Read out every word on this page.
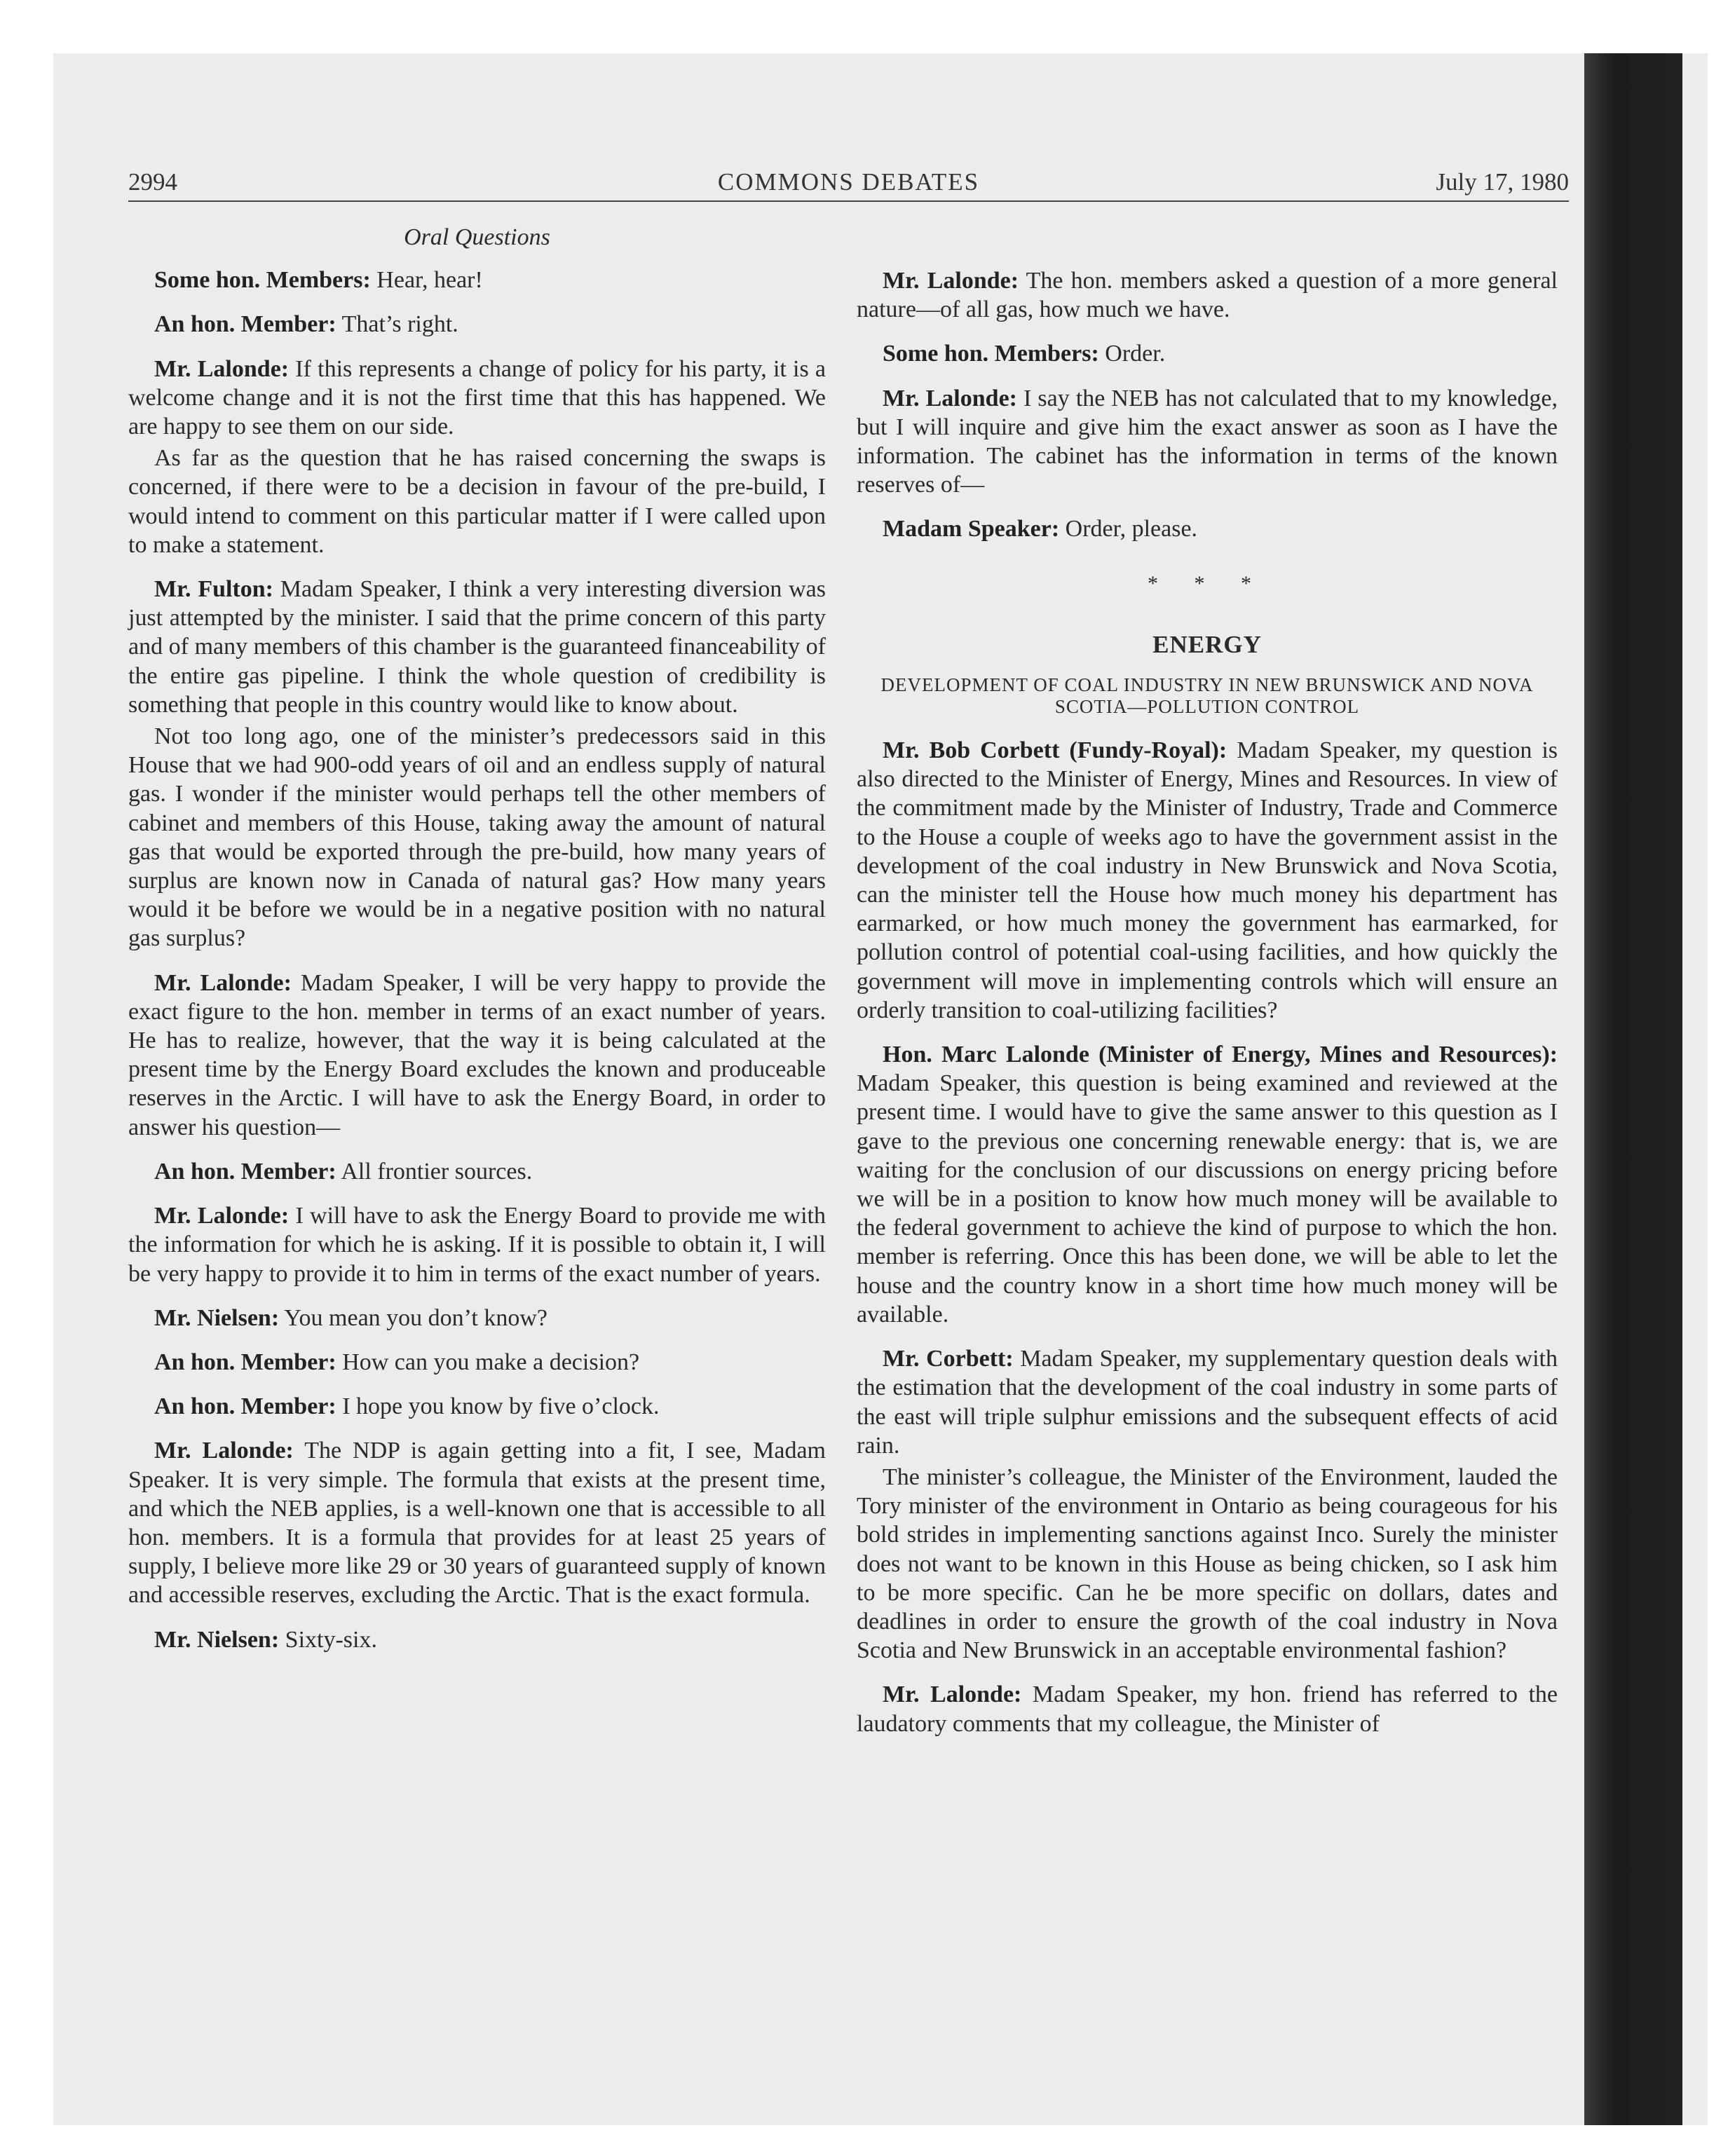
2994	COMMONS DEBATES	July 17, 1980
Oral Questions

Some hon. Members: Hear, hear!

An hon. Member: That’s right.

Mr. Lalonde: If this represents a change of policy for his party, it is a welcome change and it is not the first time that this has happened. We are happy to see them on our side.

As far as the question that he has raised concerning the swaps is concerned, if there were to be a decision in favour of the pre-build, I would intend to comment on this particular matter if I were called upon to make a statement.

Mr. Fulton: Madam Speaker, I think a very interesting diversion was just attempted by the minister. I said that the prime concern of this party and of many members of this chamber is the guaranteed financeability of the entire gas pipeline. I think the whole question of credibility is something that people in this country would like to know about.

Not too long ago, one of the minister’s predecessors said in this House that we had 900-odd years of oil and an endless supply of natural gas. I wonder if the minister would perhaps tell the other members of cabinet and members of this House, taking away the amount of natural gas that would be exported through the pre-build, how many years of surplus are known now in Canada of natural gas? How many years would it be before we would be in a negative position with no natural gas surplus?

Mr. Lalonde: Madam Speaker, I will be very happy to provide the exact figure to the hon. member in terms of an exact number of years. He has to realize, however, that the way it is being calculated at the present time by the Energy Board excludes the known and produceable reserves in the Arctic. I will have to ask the Energy Board, in order to answer his question—

An hon. Member: All frontier sources.

Mr. Lalonde: I will have to ask the Energy Board to provide me with the information for which he is asking. If it is possible to obtain it, I will be very happy to provide it to him in terms of the exact number of years.

Mr. Nielsen: You mean you don’t know?

An hon. Member: How can you make a decision?

An hon. Member: I hope you know by five o’clock.

Mr. Lalonde: The NDP is again getting into a fit, I see, Madam Speaker. It is very simple. The formula that exists at the present time, and which the NEB applies, is a well-known one that is accessible to all hon. members. It is a formula that provides for at least 25 years of supply, I believe more like 29 or 30 years of guaranteed supply of known and accessible reserves, excluding the Arctic. That is the exact formula.

Mr. Nielsen: Sixty-six.

Mr. Lalonde: The hon. members asked a question of a more general nature—of all gas, how much we have.

Some hon. Members: Order.

Mr. Lalonde: I say the NEB has not calculated that to my knowledge, but I will inquire and give him the exact answer as soon as I have the information. The cabinet has the information in terms of the known reserves of—

Madam Speaker: Order, please.

* * *
ENERGY
DEVELOPMENT OF COAL INDUSTRY IN NEW BRUNSWICK AND NOVA SCOTIA—POLLUTION CONTROL

Mr. Bob Corbett (Fundy-Royal): Madam Speaker, my question is also directed to the Minister of Energy, Mines and Resources. In view of the commitment made by the Minister of Industry, Trade and Commerce to the House a couple of weeks ago to have the government assist in the development of the coal industry in New Brunswick and Nova Scotia, can the minister tell the House how much money his department has earmarked, or how much money the government has earmarked, for pollution control of potential coal-using facilities, and how quickly the government will move in implementing controls which will ensure an orderly transition to coal-utilizing facilities?

Hon. Marc Lalonde (Minister of Energy, Mines and Resources): Madam Speaker, this question is being examined and reviewed at the present time. I would have to give the same answer to this question as I gave to the previous one concerning renewable energy: that is, we are waiting for the conclusion of our discussions on energy pricing before we will be in a position to know how much money will be available to the federal government to achieve the kind of purpose to which the hon. member is referring. Once this has been done, we will be able to let the house and the country know in a short time how much money will be available.

Mr. Corbett: Madam Speaker, my supplementary question deals with the estimation that the development of the coal industry in some parts of the east will triple sulphur emissions and the subsequent effects of acid rain.

The minister’s colleague, the Minister of the Environment, lauded the Tory minister of the environment in Ontario as being courageous for his bold strides in implementing sanctions against Inco. Surely the minister does not want to be known in this House as being chicken, so I ask him to be more specific. Can he be more specific on dollars, dates and deadlines in order to ensure the growth of the coal industry in Nova Scotia and New Brunswick in an acceptable environmental fashion?

Mr. Lalonde: Madam Speaker, my hon. friend has referred to the laudatory comments that my colleague, the Minister of
